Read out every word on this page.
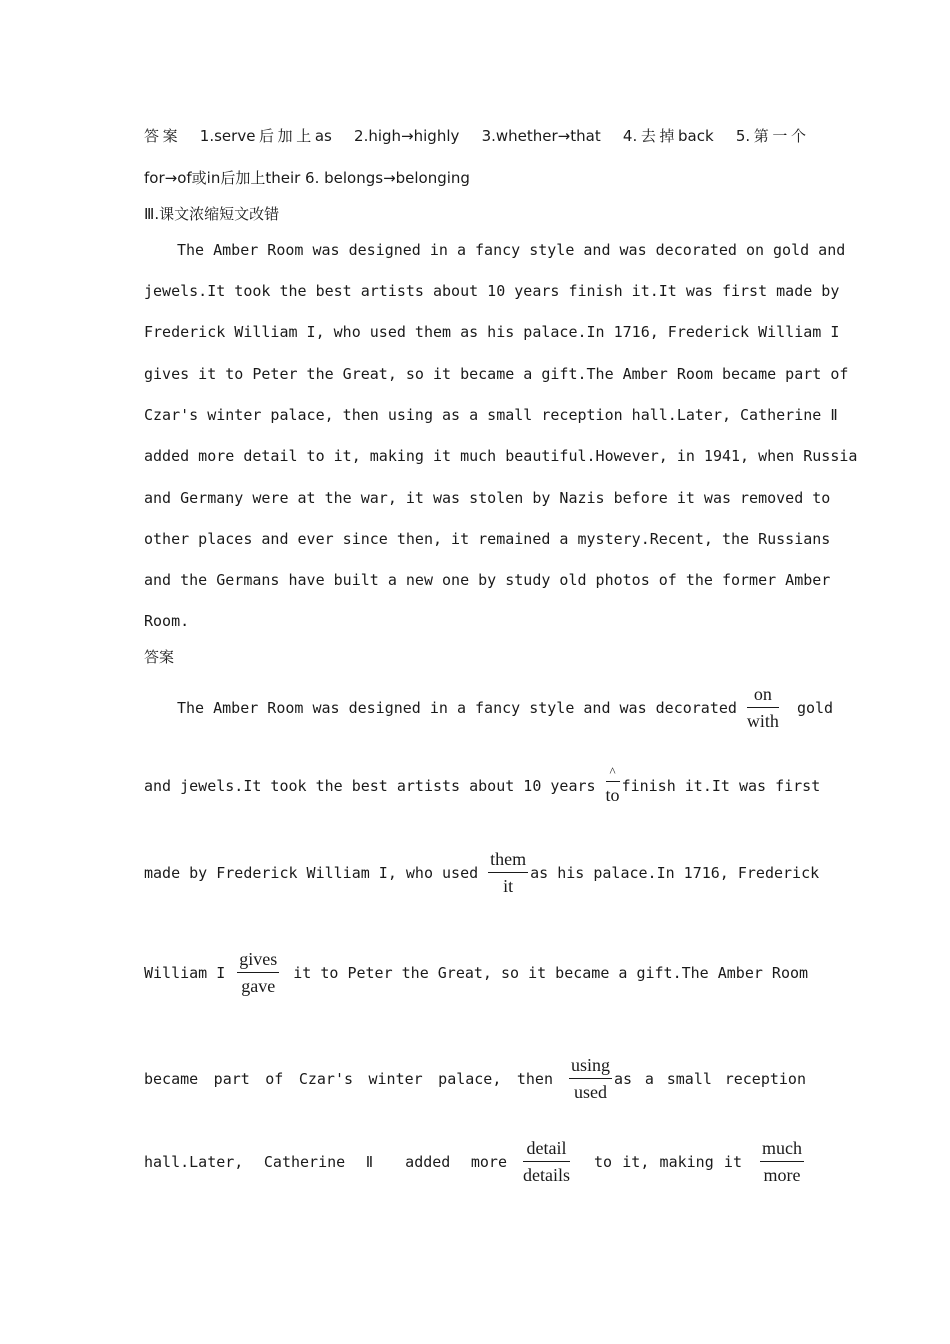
答案　1.serve后加上as　2.high→highly　3.whether→that　4.去掉back　5.第一个
for→of或in后加上their 6. belongs→belonging
Ⅲ.课文浓缩短文改错
The Amber Room was designed in a fancy style and was decorated on gold and
jewels.It took the best artists about 10 years finish it.It was first made by
Frederick William I, who used them as his palace.In 1716, Frederick William I
gives it to Peter the Great, so it became a gift.The Amber Room became part of
Czar's winter palace, then using as a small reception hall.Later, Catherine Ⅱ
added more detail to it, making it much beautiful.However, in 1941, when Russia
and Germany were at the war, it was stolen by Nazis before it was removed to
other places and ever since then, it remained a mystery.Recent, the Russians
and the Germans have built a new one by study old photos of the former Amber
Room.
答案
The Amber Room was designed in a fancy style and was decorated $\frac{on}{\text{with}}$	gold
and jewels.It took the best artists about 10 years $\frac{\^{}}{to}$ finish it.It was first
made by Frederick William I, who used $\frac{\text{them}}{it}$ as his palace.In 1716, Frederick
William I $\frac{\text{gives}}{\text{gave}}$ it to Peter the Great, so it became a gift.The Amber Room
became part of Czar's winter palace, then $\frac{using}{\text{used}}$ as a small reception
hall.Later, Catherine Ⅱ added more $\frac{\text{detail}}{\text{details}}$	to it, making it $\frac{\text{much}}{\text{more}}$
